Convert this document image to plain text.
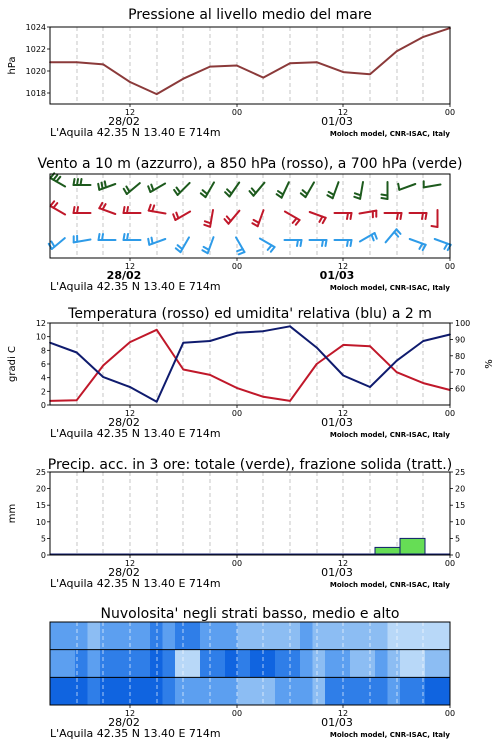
Pressione al livello medio del mare
1018
1020
1022
1024
hPa
12	00	12	00
28/02	01/03
L'Aquila 42.35 N 13.40 E 714m	Moloch model, CNR-ISAC, Italy
Vento a 10 m (azzurro), a 850 hPa (rosso), a 700 hPa (verde)
12	00	12	00
28/02	01/03
L'Aquila 42.35 N 13.40 E 714m	Moloch model, CNR-ISAC, Italy
Temperatura (rosso) ed umidita' relativa (blu) a 2 m
0
2
4
6
8
10
12
60
70
80
90
100
gradi C	%
12	00	12	00
28/02	01/03
L'Aquila 42.35 N 13.40 E 714m	Moloch model, CNR-ISAC, Italy
Precip. acc. in 3 ore: totale (verde), frazione solida (tratt.)
0
5
10
15
20
25
0
5
10
15
20
25
mm
12	00	12	00
28/02	01/03
L'Aquila 42.35 N 13.40 E 714m	Moloch model, CNR-ISAC, Italy
Nuvolosita' negli strati basso, medio e alto
12	00	12	00
28/02	01/03
L'Aquila 42.35 N 13.40 E 714m	Moloch model, CNR-ISAC, Italy
